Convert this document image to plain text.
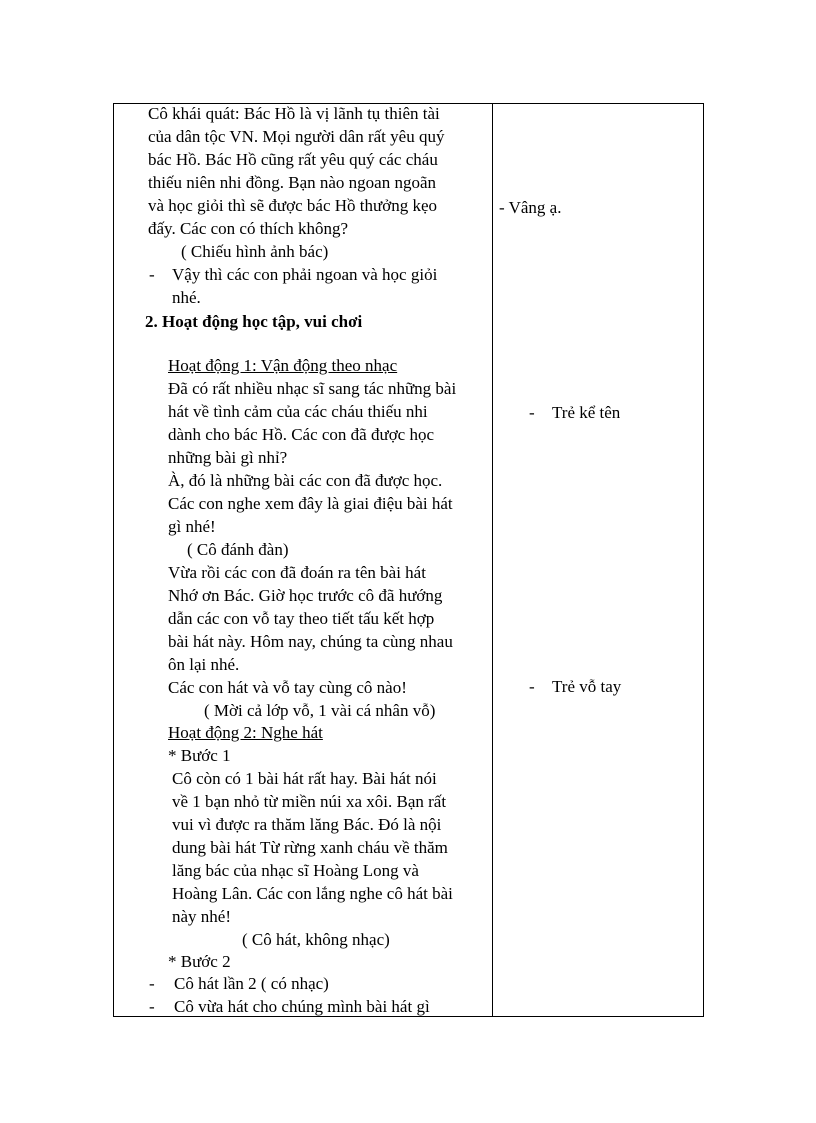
Cô khái quát: Bác Hồ là vị lãnh tụ thiên tài
của dân tộc VN. Mọi người dân rất yêu quý
bác Hồ. Bác Hồ cũng rất yêu quý các cháu
thiếu niên nhi đồng. Bạn nào ngoan ngoãn
và học giỏi thì sẽ được bác Hồ thưởng kẹo
đấy. Các con có thích không?
( Chiếu hình ảnh bác)
- Vậy thì các con phải ngoan và học giỏi
nhé.
2. Hoạt động học tập, vui chơi
Hoạt động 1: Vận động theo nhạc
Đã có rất nhiều nhạc sĩ sang tác những bài
hát về tình cảm của các cháu thiếu nhi
dành cho bác Hồ. Các con đã được học
những bài gì nhỉ?
À, đó là những bài các con đã được học.
Các con nghe xem đây là giai điệu bài hát
gì nhé!
( Cô đánh đàn)
Vừa rồi các con đã đoán ra tên bài hát
Nhớ ơn Bác. Giờ học trước cô đã hướng
dẫn các con vỗ tay theo tiết tấu kết hợp
bài hát này. Hôm nay, chúng ta cùng nhau
ôn lại nhé.
Các con hát và vỗ tay cùng cô nào!
( Mời cả lớp vỗ, 1 vài cá nhân vỗ)
Hoạt động 2: Nghe hát
* Bước 1
Cô còn có 1 bài hát rất hay. Bài hát nói
về 1 bạn nhỏ từ miền núi xa xôi. Bạn rất
vui vì được ra thăm lăng Bác. Đó là nội
dung bài hát Từ rừng xanh cháu về thăm
lăng bác của nhạc sĩ Hoàng Long và
Hoàng Lân. Các con lắng nghe cô hát bài
này nhé!
( Cô hát, không nhạc)
* Bước 2
- Cô hát lần 2 ( có nhạc)
- Cô vừa hát cho chúng mình bài hát gì
- Vâng ạ.
- Trẻ kể tên
- Trẻ vỗ tay
